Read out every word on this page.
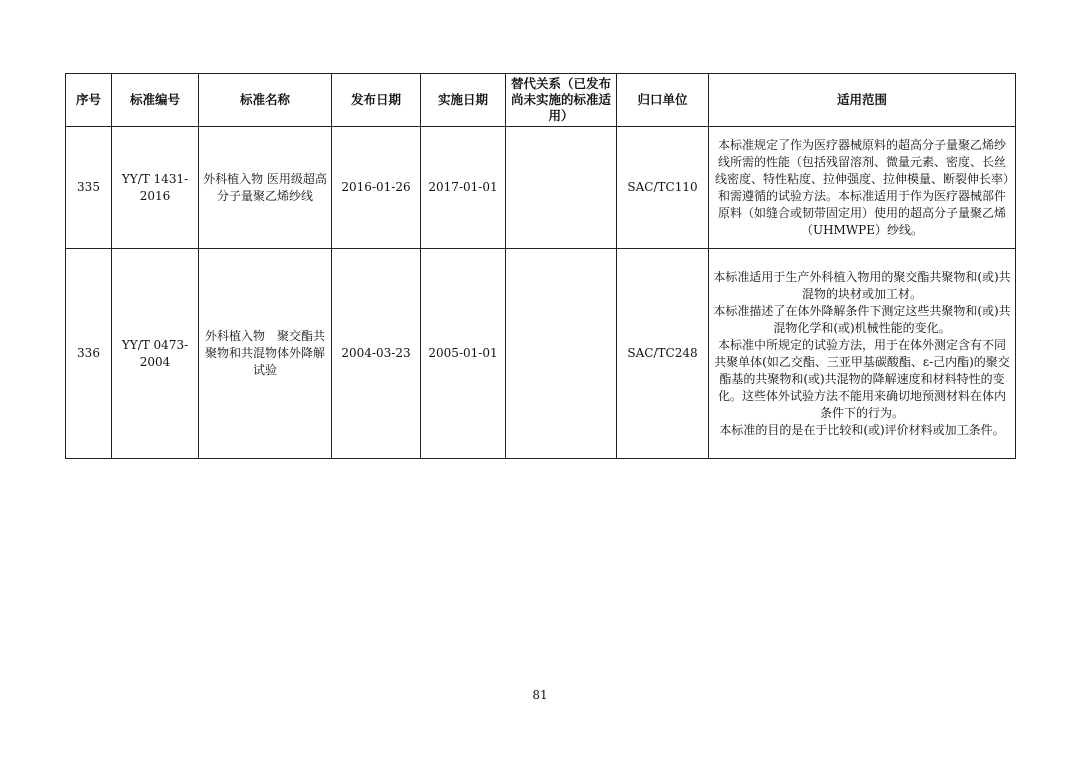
序号	标准编号	标准名称	发布日期	实施日期	替代关系（已发布尚未实施的标准适用）	归口单位	适用范围
335	YY/T 1431-2016	外科植入物 医用级超高分子量聚乙烯纱线	2016-01-26	2017-01-01		SAC/TC110	本标准规定了作为医疗器械原料的超高分子量聚乙烯纱线所需的性能（包括残留溶剂、微量元素、密度、长丝线密度、特性粘度、拉伸强度、拉伸模量、断裂伸长率）和需遵循的试验方法。本标准适用于作为医疗器械部件原料（如缝合或韧带固定用）使用的超高分子量聚乙烯（UHMWPE）纱线。

336	YY/T 0473-2004	外科植入物　聚交酯共聚物和共混物体外降解试验	2004-03-23	2005-01-01		SAC/TC248	本标准适用于生产外科植入物用的聚交酯共聚物和(或)共混物的块材或加工材。

本标准描述了在体外降解条件下测定这些共聚物和(或)共混物化学和(或)机械性能的变化。

本标准中所规定的试验方法，用于在体外测定含有不同共聚单体(如乙交酯、三亚甲基碳酸酯、ε-己内酯)的聚交酯基的共聚物和(或)共混物的降解速度和材料特性的变化。这些体外试验方法不能用来确切地预测材料在体内条件下的行为。

本标准的目的是在于比较和(或)评价材料或加工条件。

81
